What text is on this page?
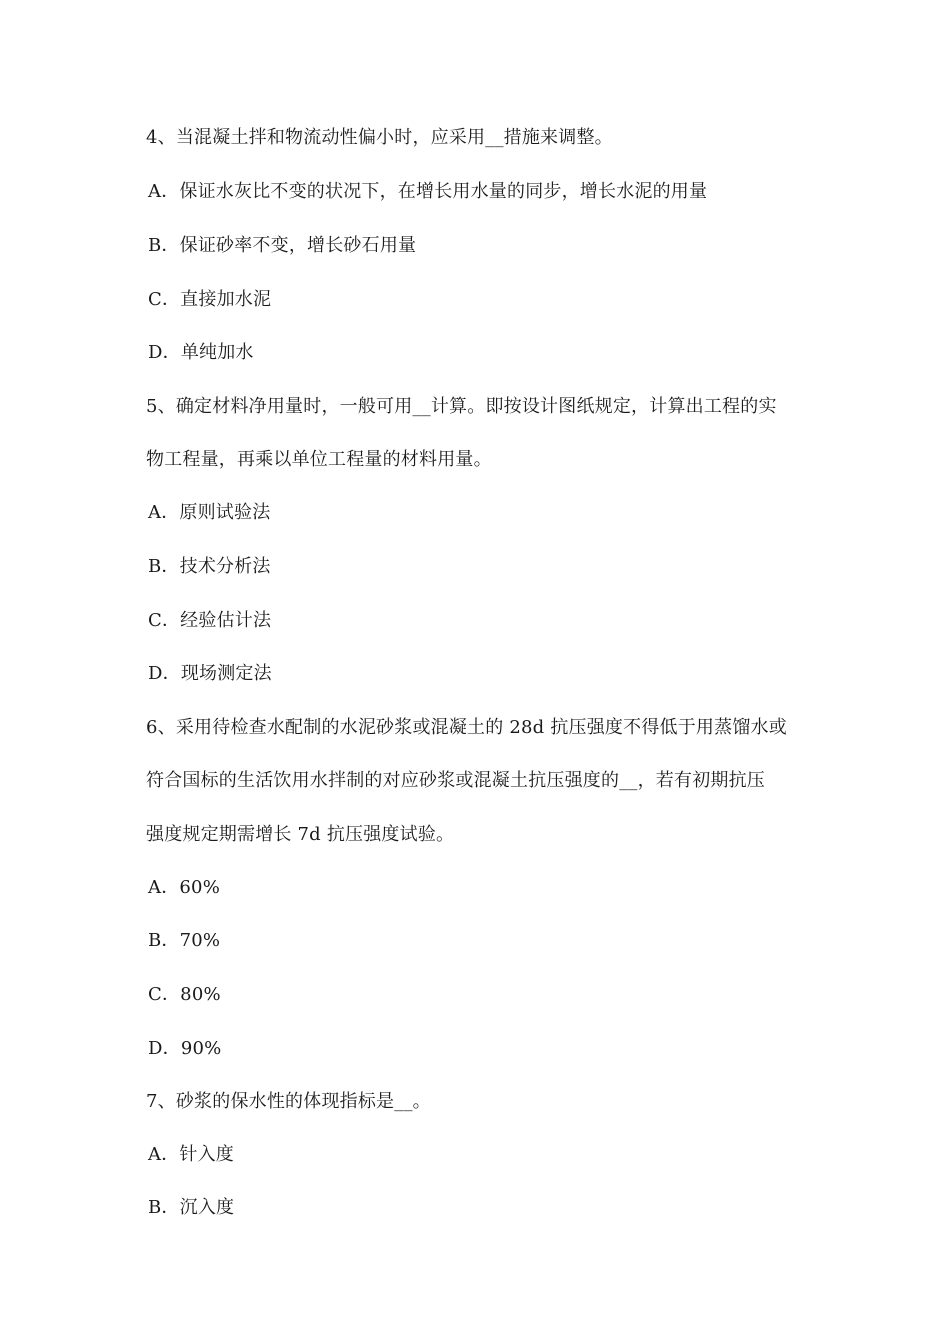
4、当混凝土拌和物流动性偏小时，应采用__措施来调整。
A．保证水灰比不变的状况下，在增长用水量的同步，增长水泥的用量
B．保证砂率不变，增长砂石用量
C．直接加水泥
D．单纯加水
5、确定材料净用量时，一般可用__计算。即按设计图纸规定，计算出工程的实
物工程量，再乘以单位工程量的材料用量。
A．原则试验法
B．技术分析法
C．经验估计法
D．现场测定法
6、采用待检查水配制的水泥砂浆或混凝土的 28d 抗压强度不得低于用蒸馏水或
符合国标的生活饮用水拌制的对应砂浆或混凝土抗压强度的__，若有初期抗压
强度规定期需增长 7d 抗压强度试验。
A．60%
B．70%
C．80%
D．90%
7、砂浆的保水性的体现指标是__。
A．针入度
B．沉入度
